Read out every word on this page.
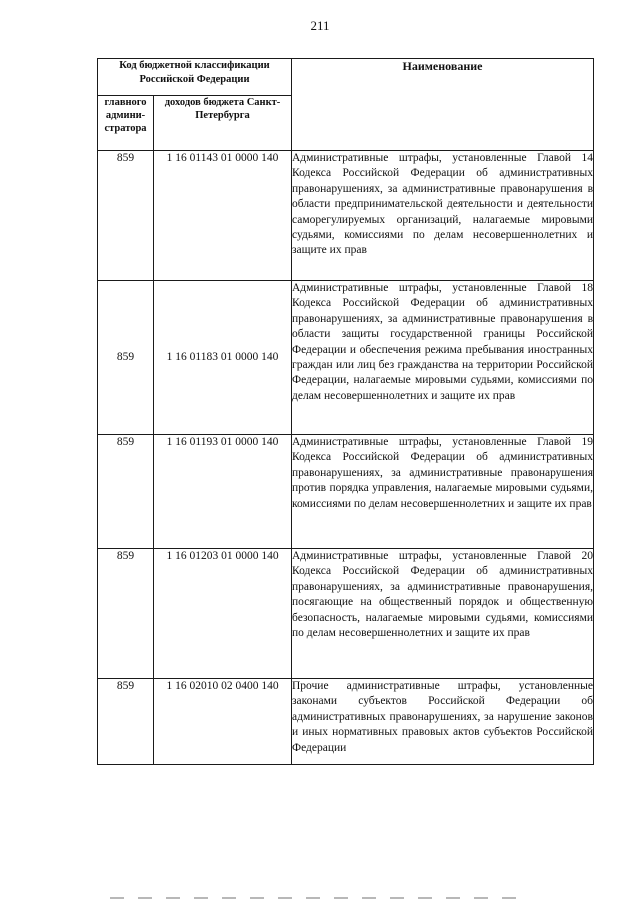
211
Код бюджетной классификации Российской Федерации		Наименование
главного админи-стратора	доходов бюджета Санкт-Петербурга	
859	1 16 01143 01 0000 140	Административные штрафы, установленные Главой 14 Кодекса Российской Федерации об административных правонарушениях, за административные правонарушения в области предпринимательской деятельности и деятельности саморегулируемых организаций, налагаемые мировыми судьями, комиссиями по делам несовершеннолетних и защите их прав
859	1 16 01183 01 0000 140	Административные штрафы, установленные Главой 18 Кодекса Российской Федерации об административных правонарушениях, за административные правонарушения в области защиты государственной границы Российской Федерации и обеспечения режима пребывания иностранных граждан или лиц без гражданства на территории Российской Федерации, налагаемые мировыми судьями, комиссиями по делам несовершеннолетних и защите их прав
859	1 16 01193 01 0000 140	Административные штрафы, установленные Главой 19 Кодекса Российской Федерации об административных правонарушениях, за административные правонарушения против порядка управления, налагаемые мировыми судьями, комиссиями по делам несовершеннолетних и защите их прав
859	1 16 01203 01 0000 140	Административные штрафы, установленные Главой 20 Кодекса Российской Федерации об административных правонарушениях, за административные правонарушения, посягающие на общественный порядок и общественную безопасность, налагаемые мировыми судьями, комиссиями по делам несовершеннолетних и защите их прав
859	1 16 02010 02 0400 140	Прочие административные штрафы, установленные законами субъектов Российской Федерации об административных правонарушениях, за нарушение законов и иных нормативных правовых актов субъектов Российской Федерации
